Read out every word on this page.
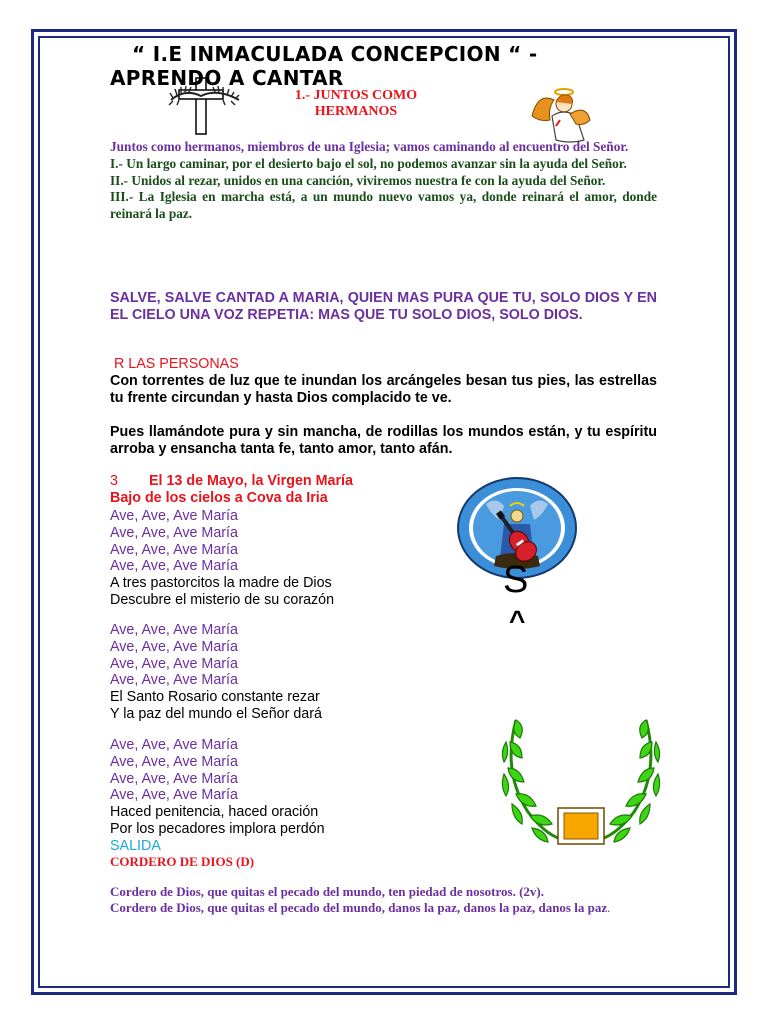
“ I.E INMACULADA CONCEPCION “ -
APRENDO A CANTAR
1.- JUNTOS COMO
HERMANOS
Juntos como hermanos, miembros de una Iglesia; vamos caminando al encuentro del Señor.
I.- Un largo caminar, por el desierto bajo el sol, no podemos avanzar sin la ayuda del Señor.
II.- Unidos al rezar, unidos en una canción, viviremos nuestra fe con la ayuda del Señor.
III.- La Iglesia en marcha está, a un mundo nuevo vamos ya, donde reinará el amor, donde reinará la paz.
SALVE, SALVE CANTAD A MARIA, QUIEN MAS PURA QUE TU, SOLO DIOS Y EN EL CIELO UNA VOZ REPETIA: MAS QUE TU SOLO DIOS, SOLO DIOS.
R LAS PERSONAS
Con torrentes de luz que te inundan los arcángeles besan tus pies, las estrellas tu frente circundan y hasta Dios complacido te ve.
Pues llamándote pura y sin mancha, de rodillas los mundos están, y tu espíritu arroba y ensancha tanta fe, tanto amor, tanto afán.
3 El 13 de Mayo, la Virgen María
Bajo de los cielos a Cova da Iria
Ave, Ave, Ave María
Ave, Ave, Ave María
Ave, Ave, Ave María
Ave, Ave, Ave María
A tres pastorcitos la madre de Dios
Descubre el misterio de su corazón
Ave, Ave, Ave María
Ave, Ave, Ave María
Ave, Ave, Ave María
Ave, Ave, Ave María
El Santo Rosario constante rezar
Y la paz del mundo el Señor dará
Ave, Ave, Ave María
Ave, Ave, Ave María
Ave, Ave, Ave María
Ave, Ave, Ave María
Haced penitencia, haced oración
Por los pecadores implora perdón
SALIDA
CORDERO DE DIOS (D)
Cordero de Dios, que quitas el pecado del mundo, ten piedad de nosotros. (2v).
Cordero de Dios, que quitas el pecado del mundo, danos la paz, danos la paz, danos la paz.
S
^
